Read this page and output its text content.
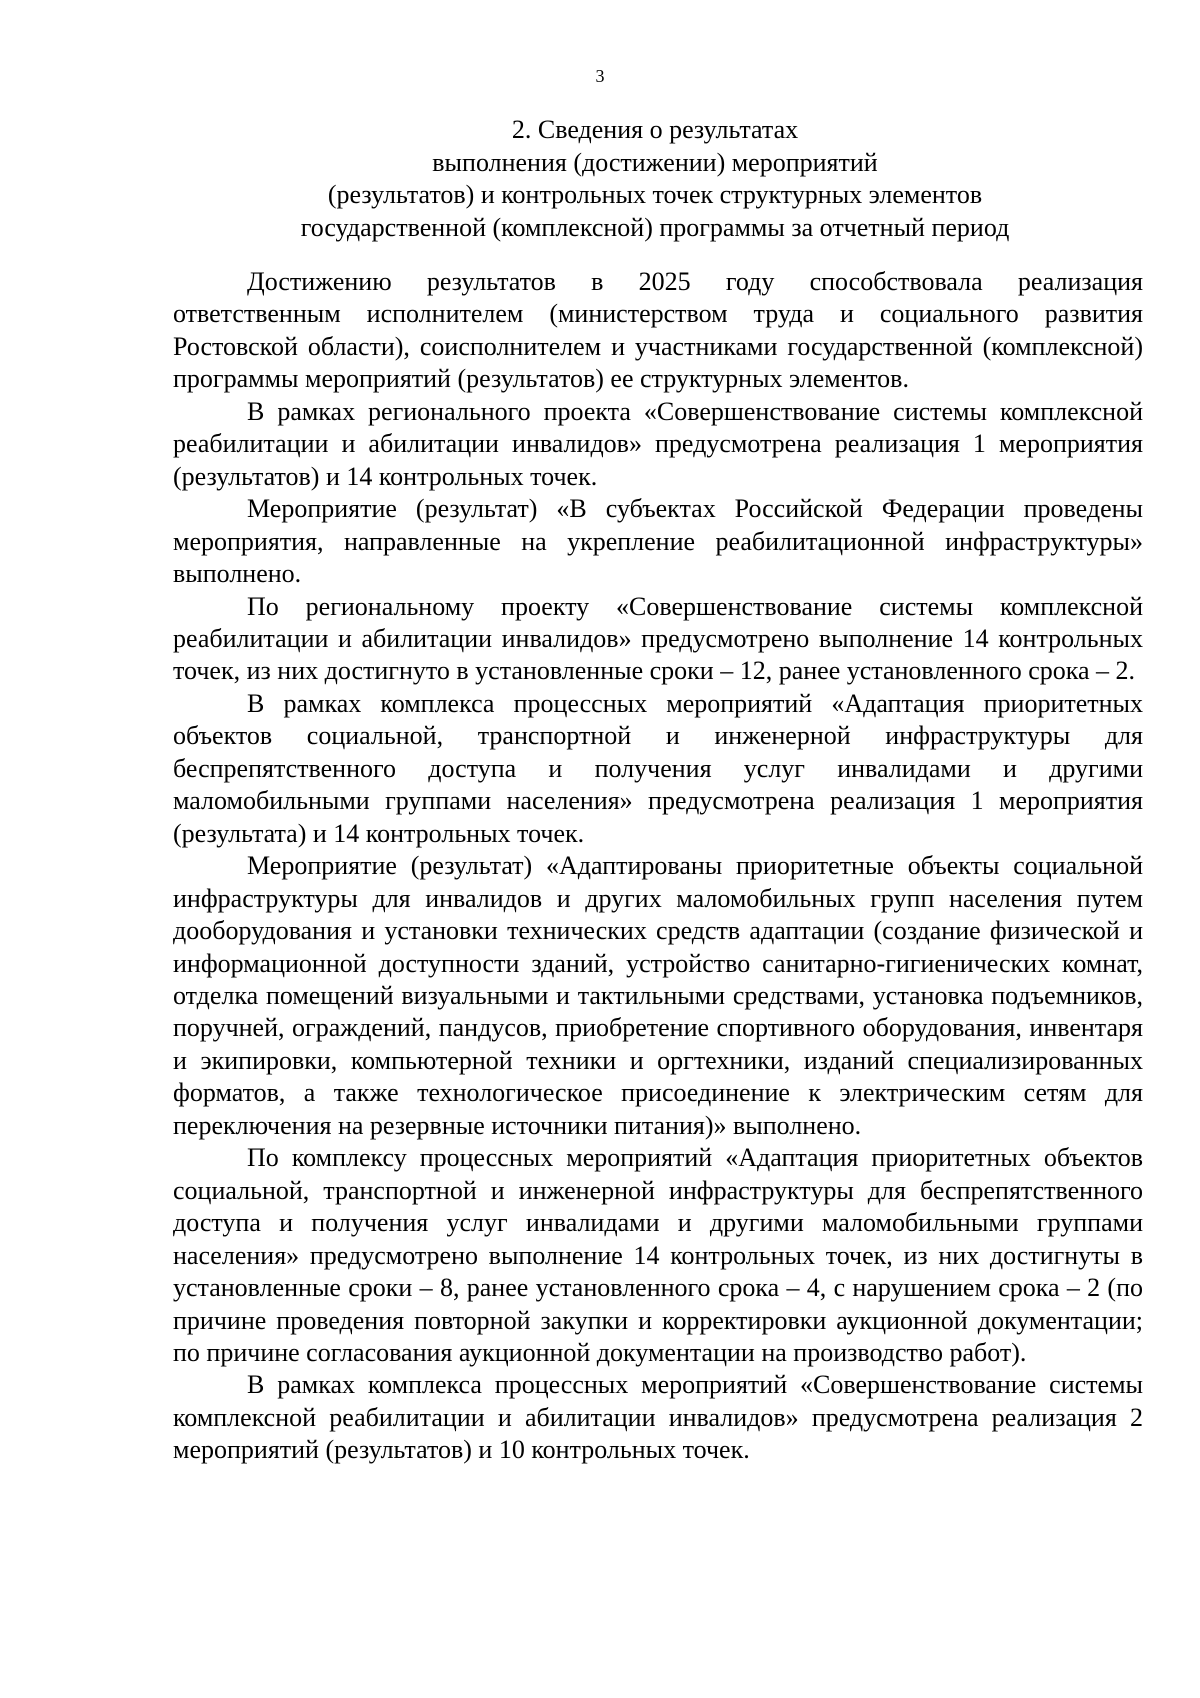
3
2. Сведения о результатах
выполнения (достижении) мероприятий
(результатов) и контрольных точек структурных элементов
государственной (комплексной) программы за отчетный период

Достижению результатов в 2025 году способствовала реализация ответственным исполнителем (министерством труда и социального развития Ростовской области), соисполнителем и участниками государственной (комплексной) программы мероприятий (результатов) ее структурных элементов.

В рамках регионального проекта «Совершенствование системы комплексной реабилитации и абилитации инвалидов» предусмотрена реализация 1 мероприятия (результатов) и 14 контрольных точек.

Мероприятие (результат) «В субъектах Российской Федерации проведены мероприятия, направленные на укрепление реабилитационной инфраструктуры» выполнено.

По региональному проекту «Совершенствование системы комплексной реабилитации и абилитации инвалидов» предусмотрено выполнение 14 контрольных точек, из них достигнуто в установленные сроки – 12, ранее установленного срока – 2.

В рамках комплекса процессных мероприятий «Адаптация приоритетных объектов социальной, транспортной и инженерной инфраструктуры для беспрепятственного доступа и получения услуг инвалидами и другими маломобильными группами населения» предусмотрена реализация 1 мероприятия (результата) и 14 контрольных точек.

Мероприятие (результат) «Адаптированы приоритетные объекты социальной инфраструктуры для инвалидов и других маломобильных групп населения путем дооборудования и установки технических средств адаптации (создание физической и информационной доступности зданий, устройство санитарно-гигиенических комнат, отделка помещений визуальными и тактильными средствами, установка подъемников, поручней, ограждений, пандусов, приобретение спортивного оборудования, инвентаря и экипировки, компьютерной техники и оргтехники, изданий специализированных форматов, а также технологическое присоединение к электрическим сетям для переключения на резервные источники питания)» выполнено.

По комплексу процессных мероприятий «Адаптация приоритетных объектов социальной, транспортной и инженерной инфраструктуры для беспрепятственного доступа и получения услуг инвалидами и другими маломобильными группами населения» предусмотрено выполнение 14 контрольных точек, из них достигнуты в установленные сроки – 8, ранее установленного срока – 4, с нарушением срока – 2 (по причине проведения повторной закупки и корректировки аукционной документации; по причине согласования аукционной документации на производство работ).

В рамках комплекса процессных мероприятий «Совершенствование системы комплексной реабилитации и абилитации инвалидов» предусмотрена реализация 2 мероприятий (результатов) и 10 контрольных точек.
